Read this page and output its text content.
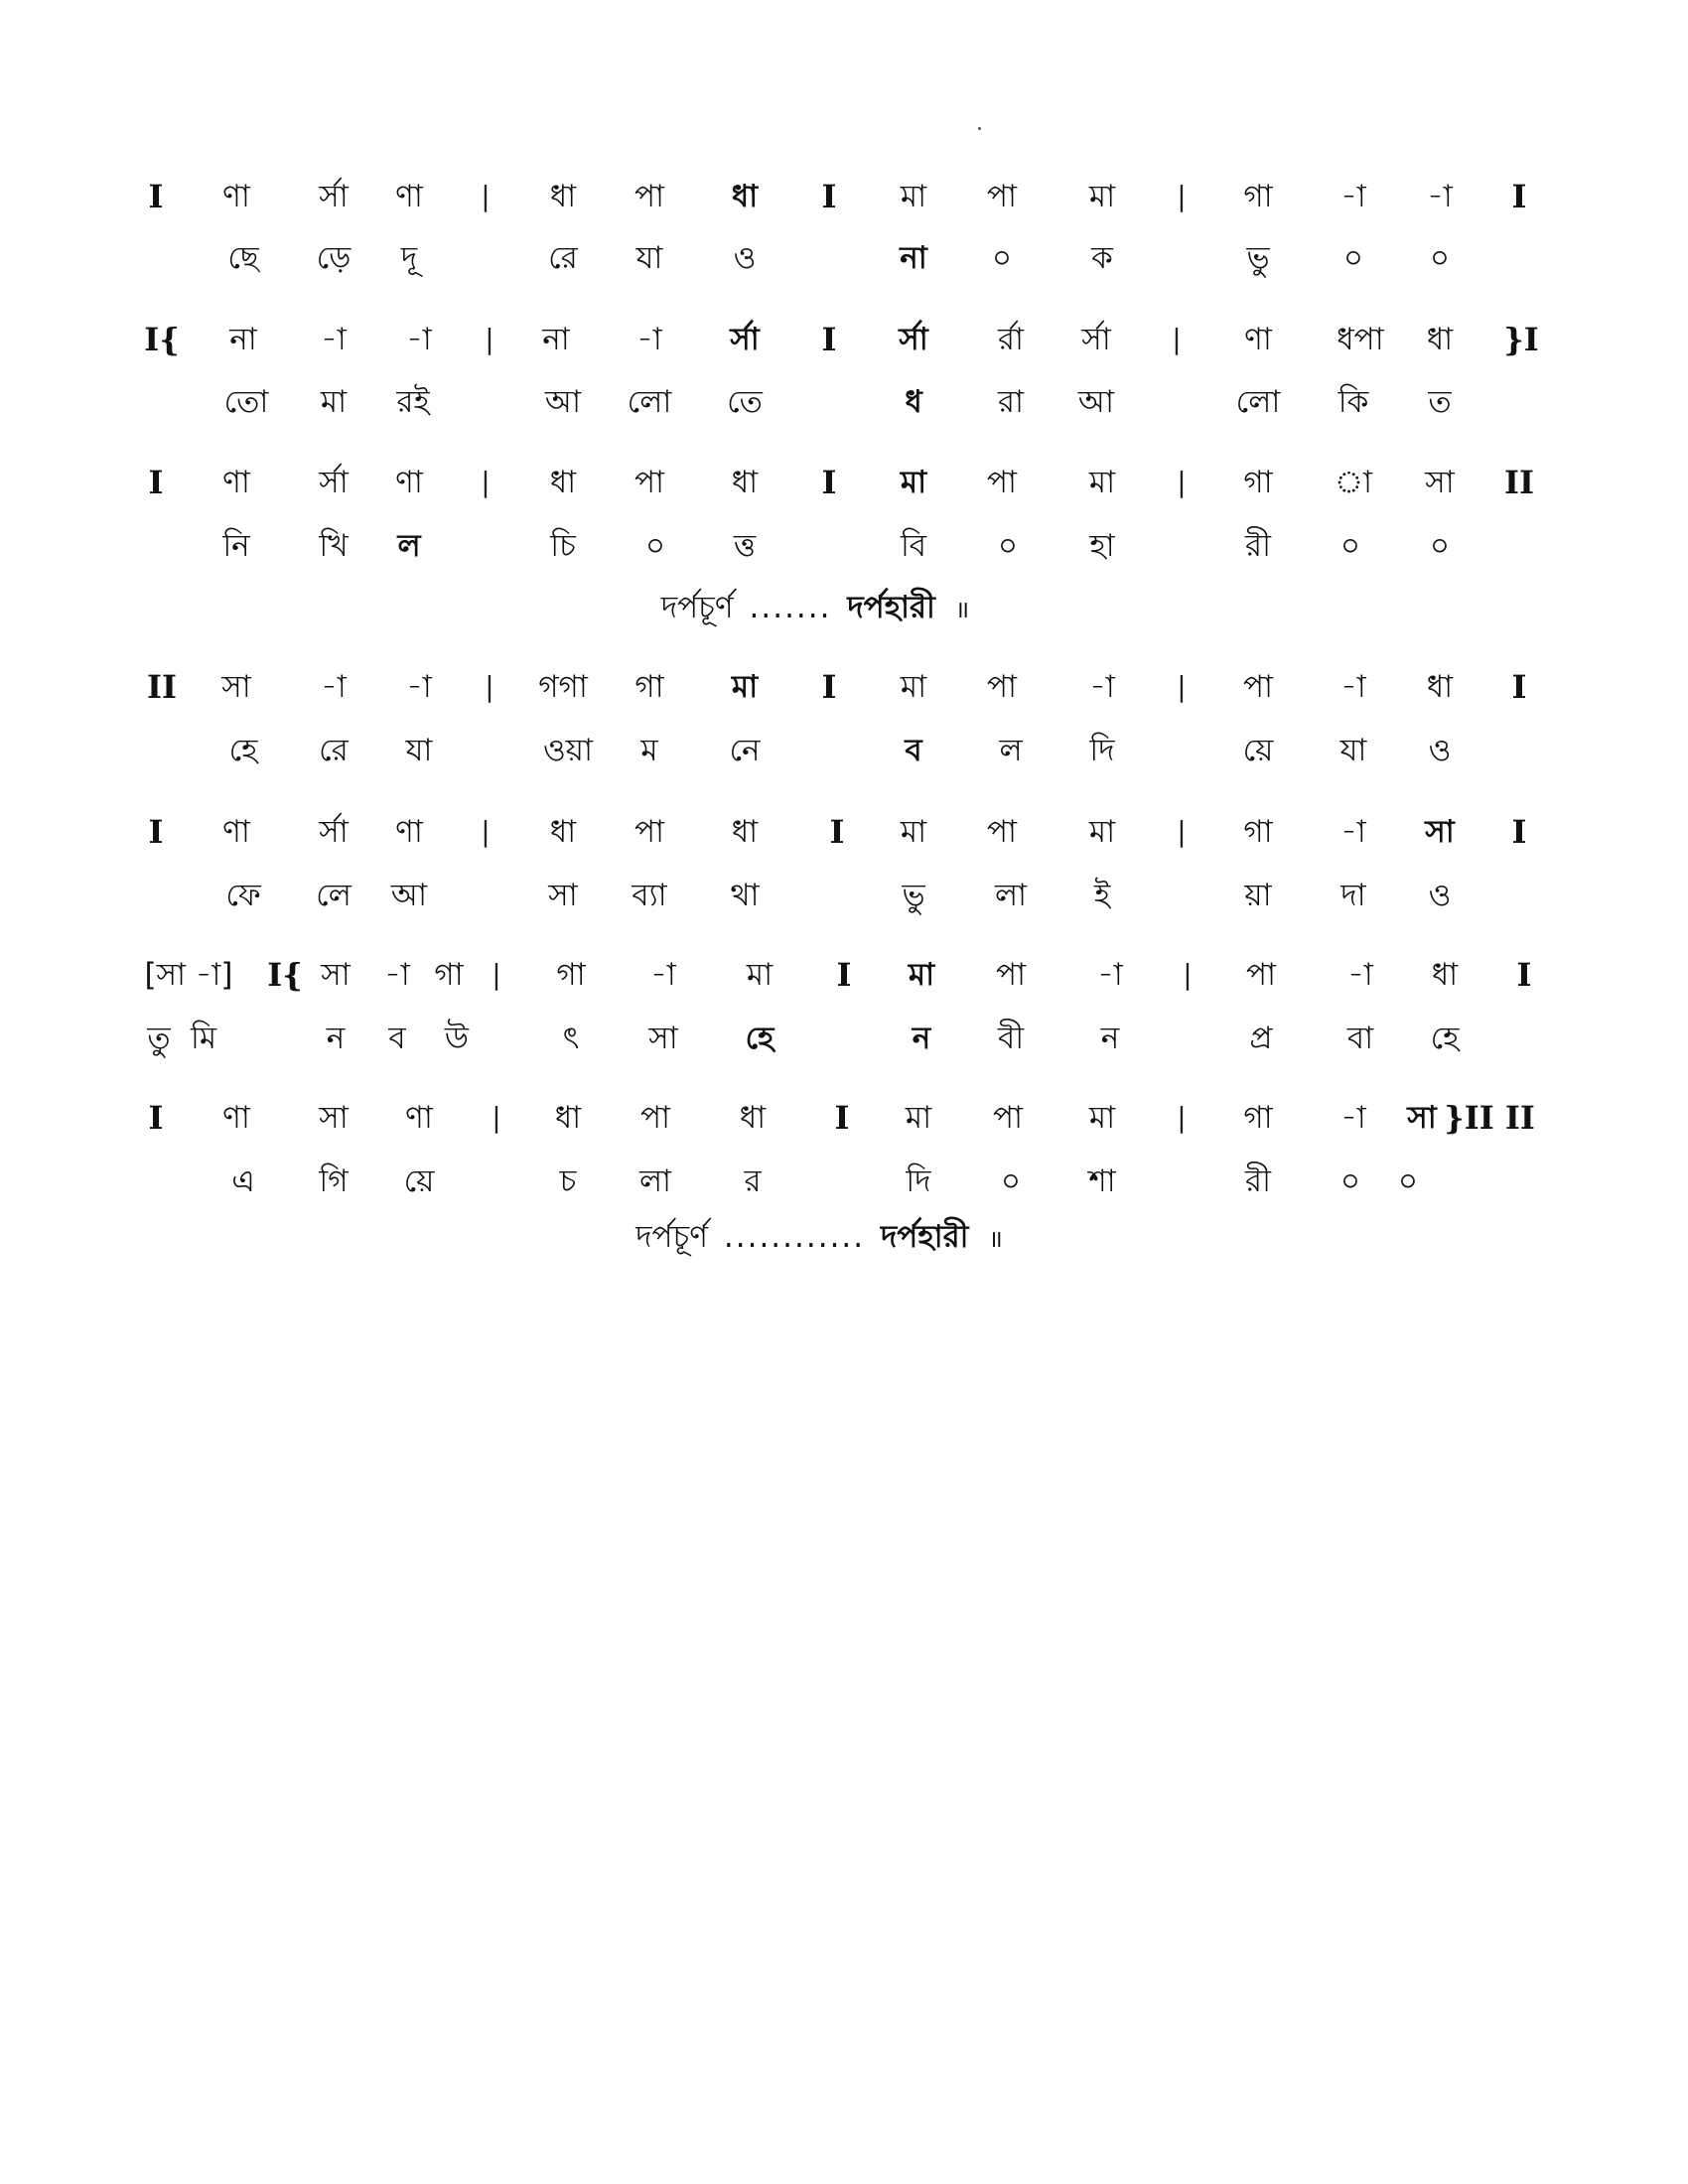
I ণা র্সা ণা | ধা পা ধা I মা পা মা | গা -া -া I
ছে ড়ে দূ	রে যা ও	না ০	ক	ভু ০ ০
I{ না -া -া | না -া র্সা I র্সা র্রা র্সা | ণা ধপা ধা }I
তো মা রই	আ লো তে	ধ রা আ	লো কি ত
I ণা র্সা ণা | ধা পা ধা I মা পা মা | গা া সা II
নি খি ল	চি ০ ত্ত	বি ০ হা	রী ০ ০
দর্পচূর্ণ ....... দর্পহারী ॥
II সা -া -া | গগা গা মা I মা পা -া | পা -া ধা I
হে রে যা	ওয়া ম নে	ব	ল দি	য়ে যা ও
I ণা র্সা ণা | ধা পা ধা I মা পা মা | গা -া সা I
ফে লে আ	সা ব্যা থা	ভু লা ই	য়া দা ও
[সা -া] I{ সা -া গা | গা -া মা I মা পা -া | পা -া ধা I
তু মি	ন ব উ	ৎ সা হে	ন বী	ন	প্র বা হে
I ণা সা ণা | ধা পা ধা I মা পা মা | গা -া সা }II II
এ গি য়ে	চ লা র	দি ০ শা	রী ০ ০
দর্পচূর্ণ ............ দর্পহারী ॥
